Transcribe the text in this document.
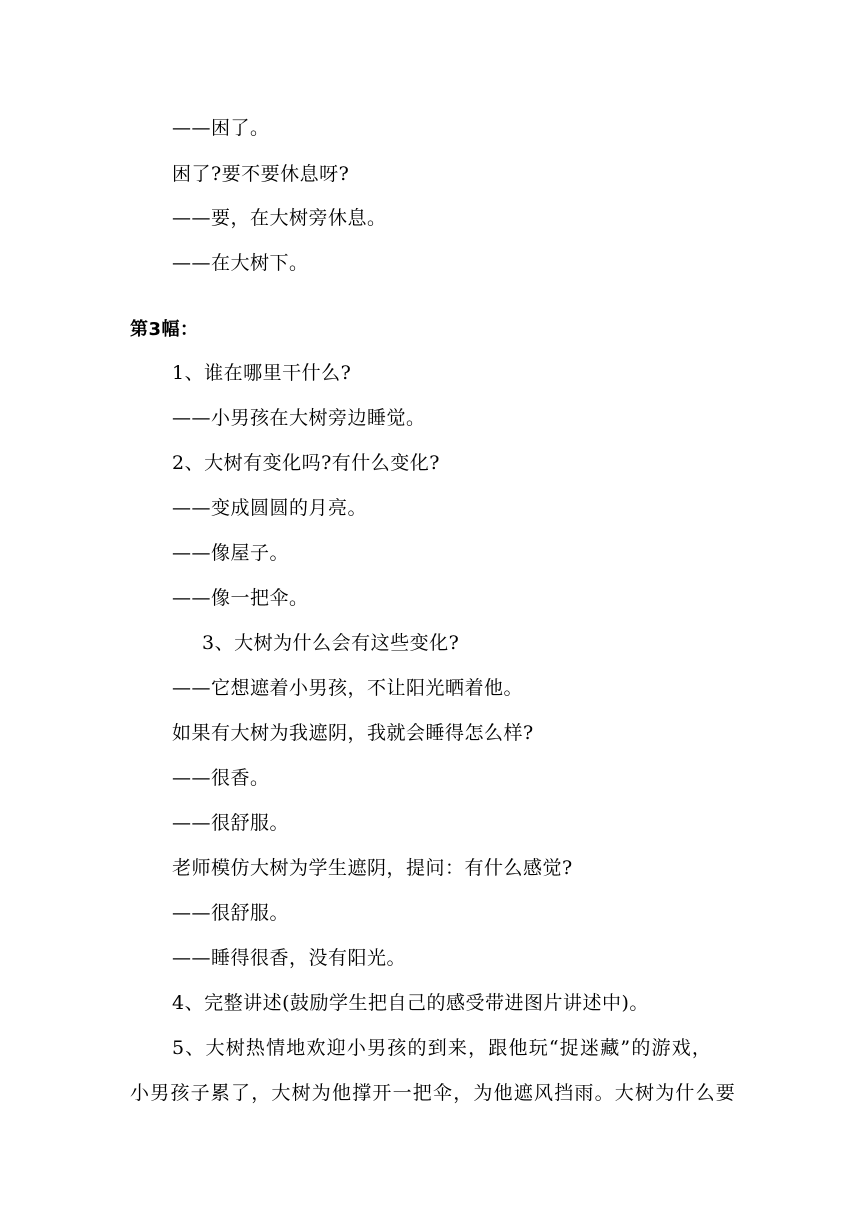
——困了。
困了?要不要休息呀?
——要，在大树旁休息。
——在大树下。
第3幅：
1、谁在哪里干什么?
——小男孩在大树旁边睡觉。
2、大树有变化吗?有什么变化?
——变成圆圆的月亮。
——像屋子。
——像一把伞。
3、大树为什么会有这些变化?
——它想遮着小男孩，不让阳光晒着他。
如果有大树为我遮阴，我就会睡得怎么样?
——很香。
——很舒服。
老师模仿大树为学生遮阴，提问：有什么感觉?
——很舒服。
——睡得很香，没有阳光。
4、完整讲述(鼓励学生把自己的感受带进图片讲述中)。
5、大树热情地欢迎小男孩的到来，跟他玩“捉迷藏”的游戏，
小男孩子累了，大树为他撑开一把伞，为他遮风挡雨。大树为什么要
